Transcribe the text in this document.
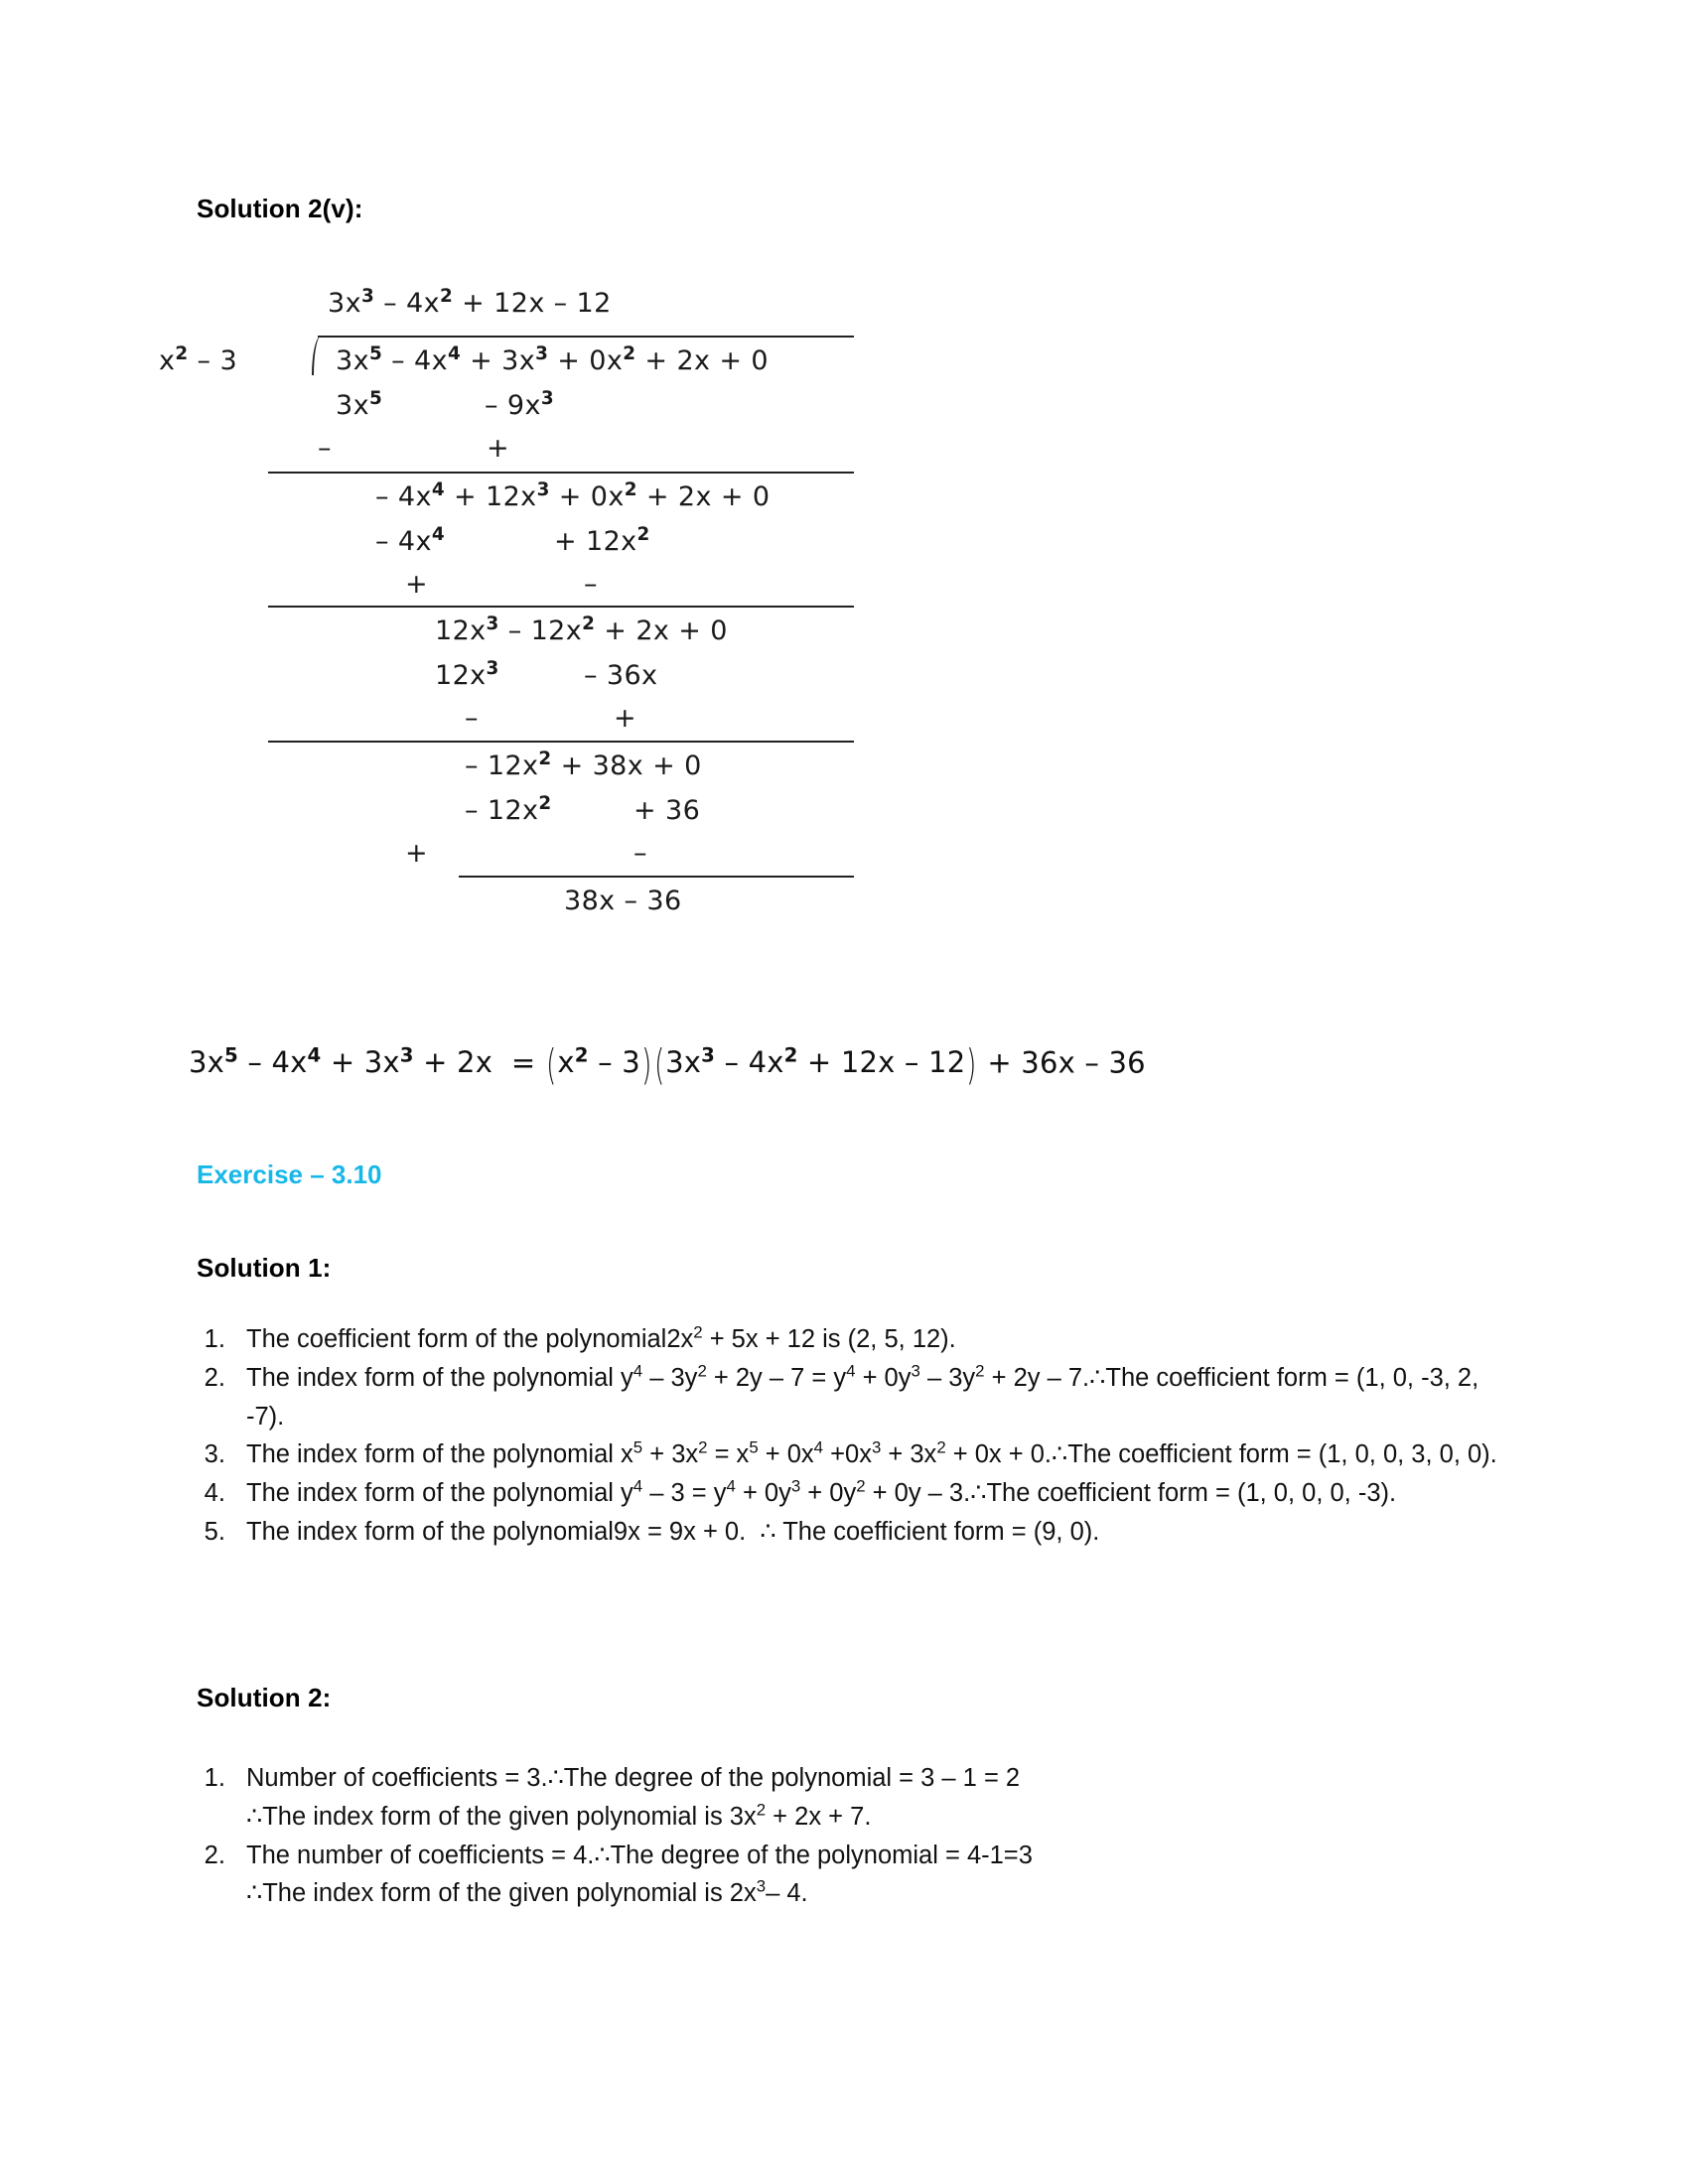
Solution 2(v):
$3x^3 - 4x^2 + 12x - 12$
$x^2 - 3$	$3x^5 - 4x^4 + 3x^3 + 0x^2 + 2x + 0$
$3x^5$	– $9x^3$
–	+
– $4x^4 + 12x^3 + 0x^2 + 2x + 0$
– $4x^4$	+ $12x^2$
+	–
$12x^3 - 12x^2 + 2x + 0$
$12x^3$	– 36x
–	+
– $12x^2 + 38x + 0$
– $12x^2$	+ 36
+	–
38x – 36
$3x^5 - 4x^4 + 3x^3 + 2x = (x^2 - 3)(3x^3 - 4x^2 + 12x - 12) + 36x - 36$
Exercise – 3.10
Solution 1:
1. The coefficient form of the $polynomial2x^2 + 5x + 12$ is (2, 5, 12).
2. The index form of the polynomial $y^4 - 3y^2 + 2y - 7 = y^4 + 0y^3 - 3y^2 + 2y$ – 7.∴The coefficient form = (1, 0, -3, 2, -7).
3. The index form of the polynomial $x^5 + 3x^2 = x^5 + 0x^4 +0x^3 + 3x^2 + 0x$ + 0.∴The coefficient form = (1, 0, 0, 3, 0, 0).
4. The index form of the polynomial $y^4 - 3 = y^4 + 0y^3 + 0y^2 + 0y$ – 3.∴The coefficient form = (1, 0, 0, 0, -3).
5. The index form of the polynomial9x = 9x + 0.  ∴ The coefficient form = (9, 0).
Solution 2:
1. Number of coefficients = 3.∴The degree of the polynomial = 3 – 1 = 2
∴The index form of the given polynomial is $3x^2 + 2x + 7$.
2. The number of coefficients = 4.∴The degree of the polynomial = 4-1=3
∴The index form of the given polynomial is $2x^3-$ 4.
